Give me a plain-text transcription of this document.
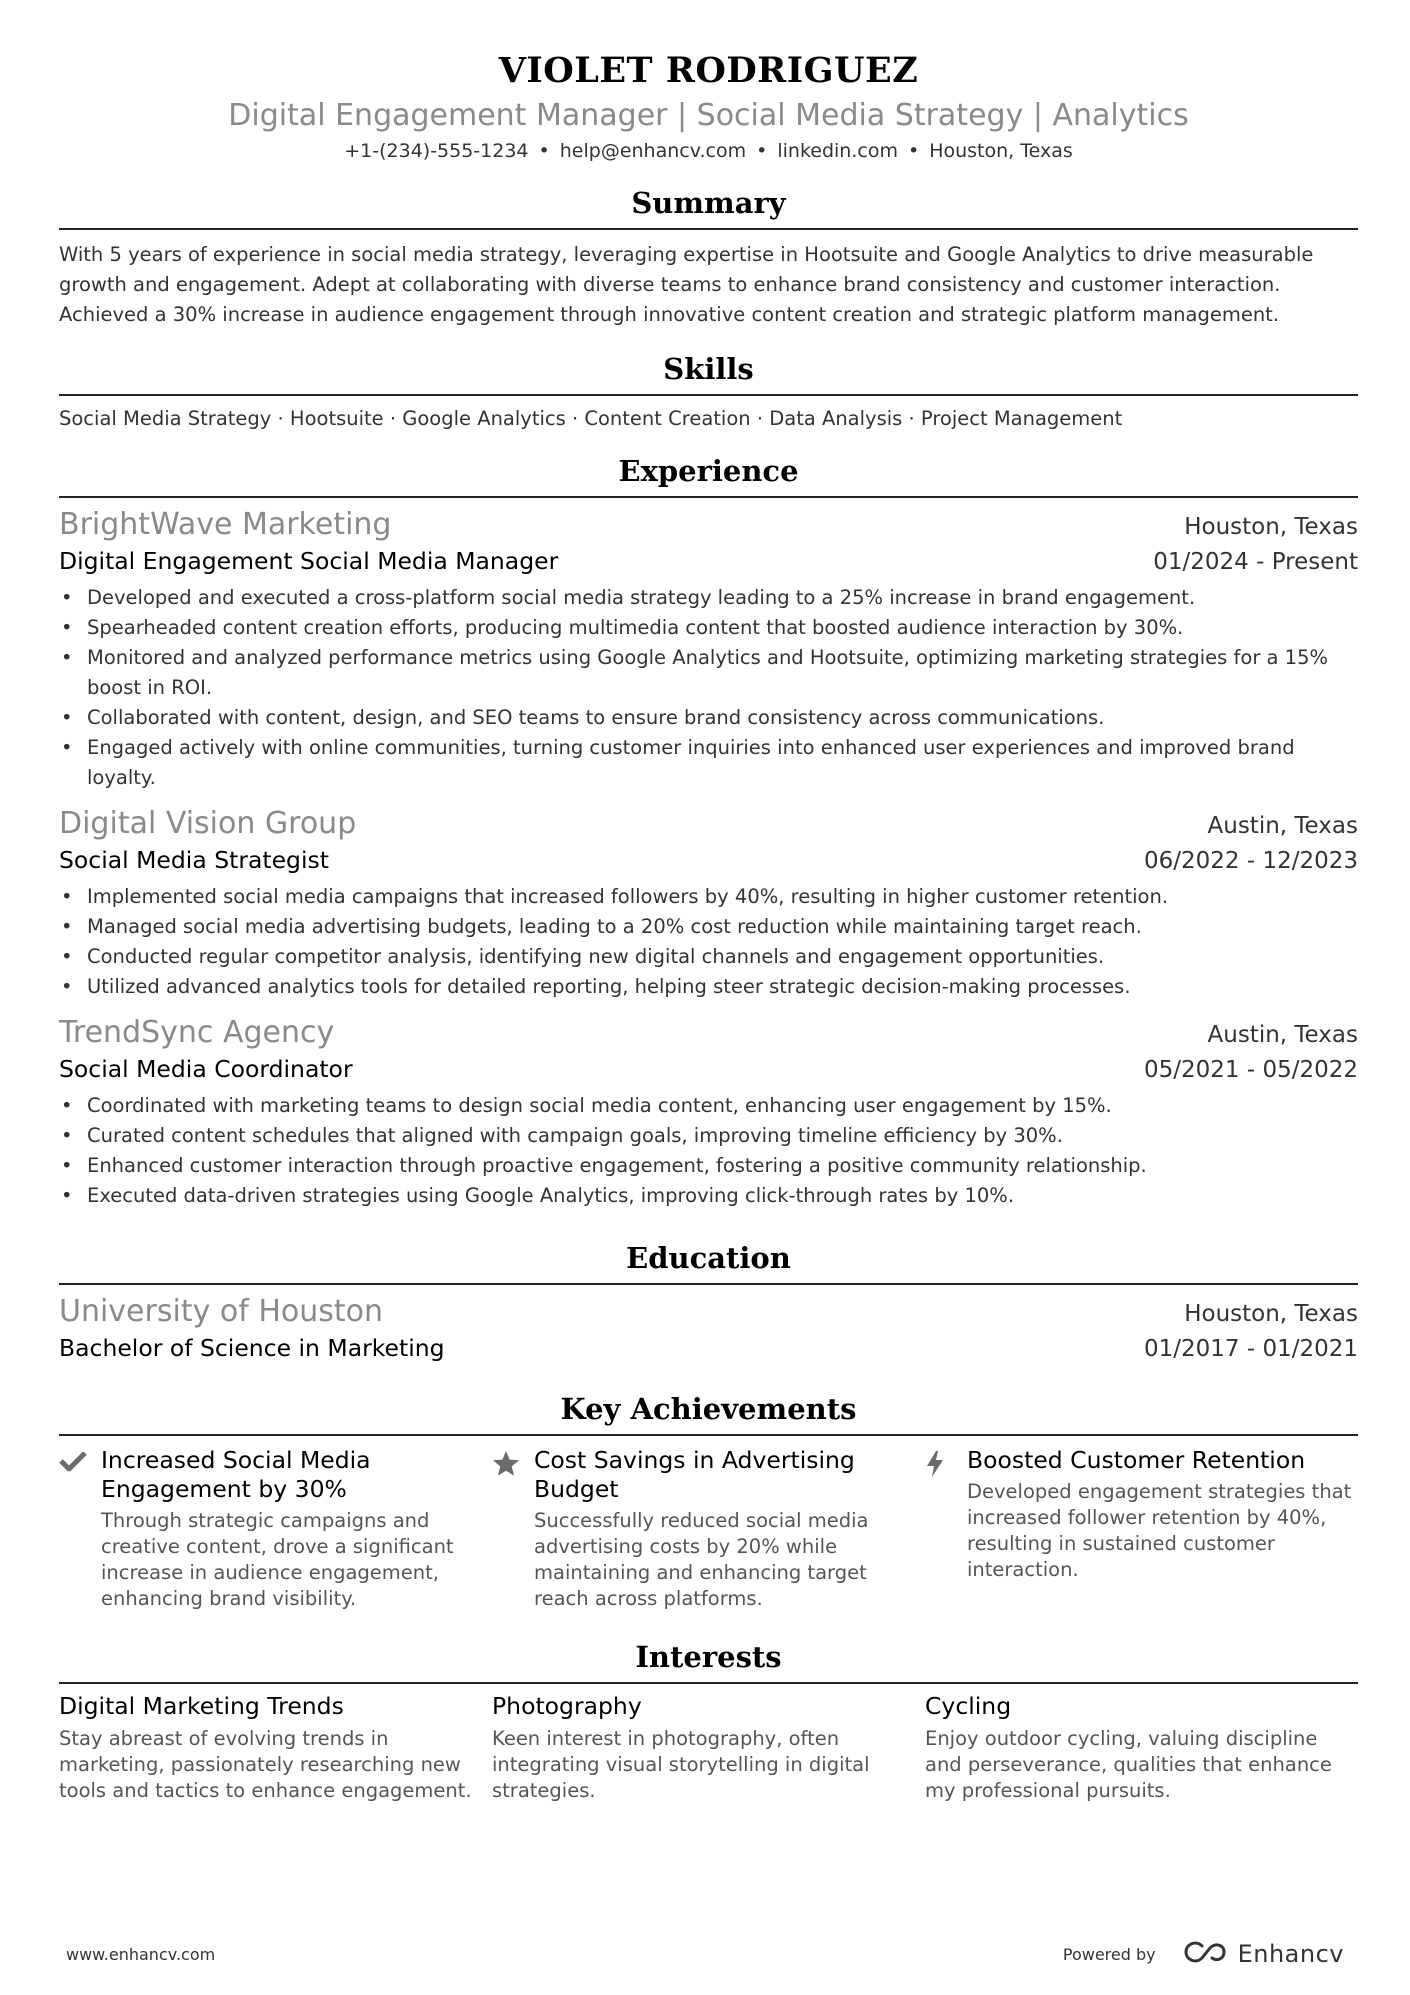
VIOLET RODRIGUEZ
Digital Engagement Manager | Social Media Strategy | Analytics
+1-(234)-555-1234 • help@enhancv.com • linkedin.com • Houston, Texas
Summary
With 5 years of experience in social media strategy, leveraging expertise in Hootsuite and Google Analytics to drive measurable growth and engagement. Adept at collaborating with diverse teams to enhance brand consistency and customer interaction. Achieved a 30% increase in audience engagement through innovative content creation and strategic platform management.
Skills
Social Media Strategy · Hootsuite · Google Analytics · Content Creation · Data Analysis · Project Management
Experience
BrightWave Marketing	Houston, Texas
Digital Engagement Social Media Manager	01/2024 - Present
• Developed and executed a cross-platform social media strategy leading to a 25% increase in brand engagement.
• Spearheaded content creation efforts, producing multimedia content that boosted audience interaction by 30%.
• Monitored and analyzed performance metrics using Google Analytics and Hootsuite, optimizing marketing strategies for a 15% boost in ROI.
• Collaborated with content, design, and SEO teams to ensure brand consistency across communications.
• Engaged actively with online communities, turning customer inquiries into enhanced user experiences and improved brand loyalty.
Digital Vision Group	Austin, Texas
Social Media Strategist	06/2022 - 12/2023
• Implemented social media campaigns that increased followers by 40%, resulting in higher customer retention.
• Managed social media advertising budgets, leading to a 20% cost reduction while maintaining target reach.
• Conducted regular competitor analysis, identifying new digital channels and engagement opportunities.
• Utilized advanced analytics tools for detailed reporting, helping steer strategic decision-making processes.
TrendSync Agency	Austin, Texas
Social Media Coordinator	05/2021 - 05/2022
• Coordinated with marketing teams to design social media content, enhancing user engagement by 15%.
• Curated content schedules that aligned with campaign goals, improving timeline efficiency by 30%.
• Enhanced customer interaction through proactive engagement, fostering a positive community relationship.
• Executed data-driven strategies using Google Analytics, improving click-through rates by 10%.
Education
University of Houston	Houston, Texas
Bachelor of Science in Marketing	01/2017 - 01/2021
Key Achievements
Increased Social Media Engagement by 30%
Through strategic campaigns and creative content, drove a significant increase in audience engagement, enhancing brand visibility.
Cost Savings in Advertising Budget
Successfully reduced social media advertising costs by 20% while maintaining and enhancing target reach across platforms.
Boosted Customer Retention
Developed engagement strategies that increased follower retention by 40%, resulting in sustained customer interaction.
Interests
Digital Marketing Trends
Stay abreast of evolving trends in marketing, passionately researching new tools and tactics to enhance engagement.
Photography
Keen interest in photography, often integrating visual storytelling in digital strategies.
Cycling
Enjoy outdoor cycling, valuing discipline and perseverance, qualities that enhance my professional pursuits.
www.enhancv.com	Powered by	Enhancv
